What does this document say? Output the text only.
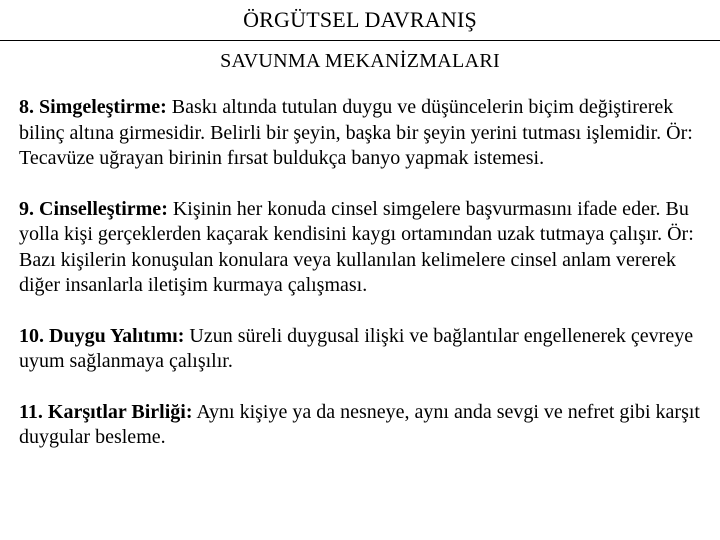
ÖRGÜTSEL DAVRANIŞ
SAVUNMA MEKANİZMALARI

8. Simgeleştirme: Baskı altında tutulan duygu ve düşüncelerin biçim değiştirerek bilinç altına girmesidir. Belirli bir şeyin, başka bir şeyin yerini tutması işlemidir. Ör: Tecavüze uğrayan birinin fırsat buldukça banyo yapmak istemesi.

9. Cinselleştirme: Kişinin her konuda cinsel simgelere başvurmasını ifade eder. Bu yolla kişi gerçeklerden kaçarak kendisini kaygı ortamından uzak tutmaya çalışır. Ör: Bazı kişilerin konuşulan konulara veya kullanılan kelimelere cinsel anlam vererek diğer insanlarla iletişim kurmaya çalışması.

10. Duygu Yalıtımı: Uzun süreli duygusal ilişki ve bağlantılar engellenerek çevreye uyum sağlanmaya çalışılır.

11. Karşıtlar Birliği: Aynı kişiye ya da nesneye, aynı anda sevgi ve nefret gibi karşıt duygular besleme.
